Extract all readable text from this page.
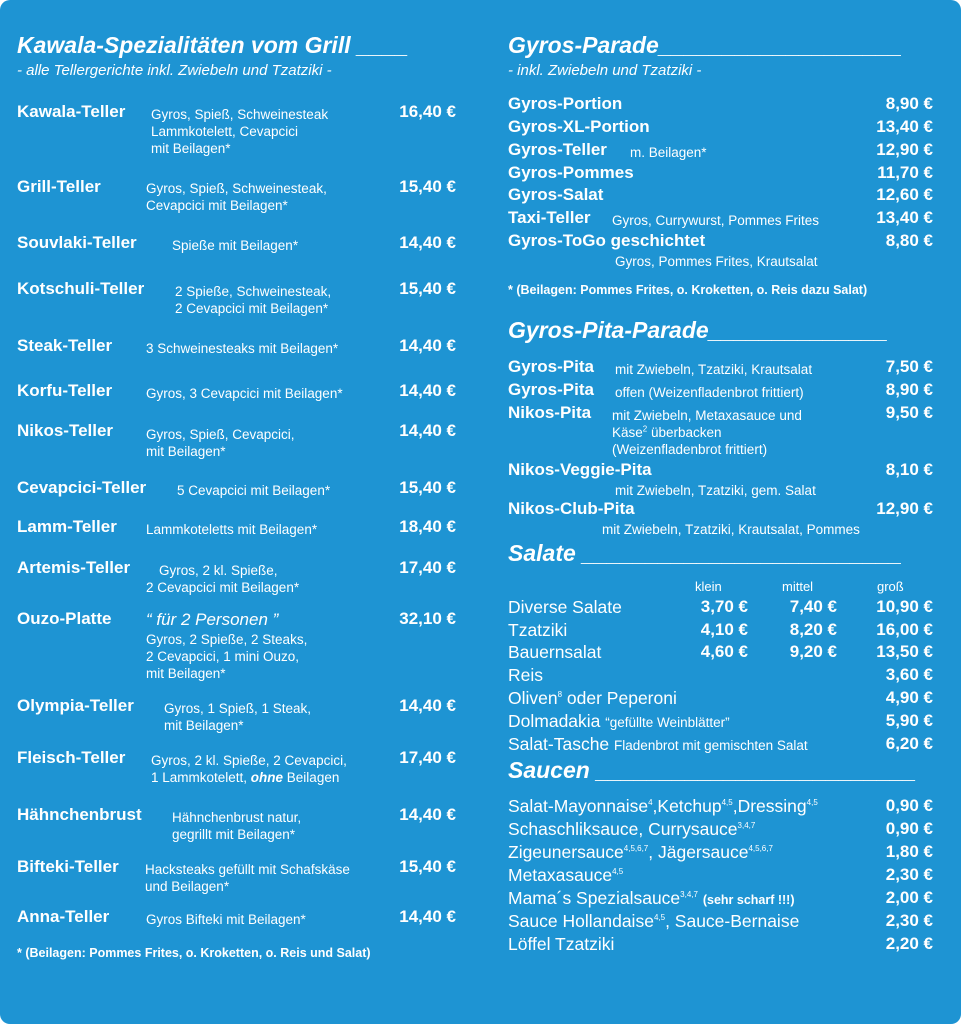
Kawala-Spezialitäten vom Grill ____
- alle Tellergerichte inkl. Zwiebeln und Tzatziki -
Kawala-Teller Gyros, Spieß, Schweinesteak
Lammkotelett, Cevapcici
mit Beilagen*
16,40 €
Grill-Teller	Gyros, Spieß, Schweinesteak,
Cevapcici mit Beilagen*
15,40 €
Souvlaki-Teller	Spieße mit Beilagen*	14,40 €
Kotschuli-Teller 2 Spieße, Schweinesteak,
2 Cevapcici mit Beilagen*
15,40 €
Steak-Teller	3 Schweinesteaks mit Beilagen*	14,40 €
Korfu-Teller	Gyros, 3 Cevapcici mit Beilagen*	14,40 €
Nikos-Teller Gyros, Spieß, Cevapcici,
mit Beilagen*
14,40 €
Cevapcici-Teller 5 Cevapcici mit Beilagen*	15,40 €
Lamm-Teller Lammkoteletts mit Beilagen*	18,40 €
Artemis-Teller Gyros, 2 kl. Spieße,
2 Cevapcici mit Beilagen*
17,40 €
Ouzo-Platte “ für 2 Personen ”
Gyros, 2 Spieße, 2 Steaks,
2 Cevapcici, 1 mini Ouzo,
mit Beilagen*
32,10 €
Olympia-Teller Gyros, 1 Spieß, 1 Steak,
mit Beilagen*
14,40 €
Fleisch-Teller Gyros, 2 kl. Spieße, 2 Cevapcici,
1 Lammkotelett, ohne Beilagen
17,40 €
Hähnchenbrust Hähnchenbrust natur,
gegrillt mit Beilagen*
14,40 €
Bifteki-Teller Hacksteaks gefüllt mit Schafskäse
und Beilagen*
15,40 €
Anna-Teller	Gyros Bifteki mit Beilagen*	14,40 €
* (Beilagen: Pommes Frites, o. Kroketten, o. Reis und Salat)
Gyros-Parade___________________
- inkl. Zwiebeln und Tzatziki -
Gyros-Portion	8,90 €
Gyros-XL-Portion	13,40 €
Gyros-Teller m. Beilagen*	12,90 €
Gyros-Pommes	11,70 €
Gyros-Salat	12,60 €
Taxi-Teller Gyros, Currywurst, Pommes Frites	13,40 €
Gyros-ToGo geschichtet
Gyros, Pommes Frites, Krautsalat
8,80 €
* (Beilagen: Pommes Frites, o. Kroketten, o. Reis dazu Salat)
Gyros-Pita-Parade______________
Gyros-Pita mit Zwiebeln, Tzatziki, Krautsalat	7,50 €
Gyros-Pita offen (Weizenfladenbrot frittiert)	8,90 €
Nikos-Pita mit Zwiebeln, Metaxasauce und
Käse$^2$ überbacken
(Weizenfladenbrot frittiert)
9,50 €
Nikos-Veggie-Pita
mit Zwiebeln, Tzatziki, gem. Salat
8,10 €
Nikos-Club-Pita
mit Zwiebeln, Tzatziki, Krautsalat, Pommes
12,90 €
Salate _________________________
klein	mittel	groß
Diverse Salate	3,70 € 7,40 € 10,90 €
Tzatziki	4,10 € 8,20 € 16,00 €
Bauernsalat	4,60 € 9,20 € 13,50 €
Reis	3,60 €
Oliven$^8$ oder Peperoni	4,90 €
Dolmadakia “gefüllte Weinblätter”	5,90 €
Salat-Tasche Fladenbrot mit gemischten Salat	6,20 €
Saucen _________________________
Salat-Mayonnaise$^4$,Ketchup$^{4,5}$,Dressing$^{4,5}$	0,90 €
Schaschliksauce, Currysauce$^{3,4,7}$	0,90 €
Zigeunersauce$^{4,5,6,7}$, Jägersauce$^{4,5,6,7}$	1,80 €
Metaxasauce$^{4,5}$	2,30 €
Mama´s Spezialsauce$^{3,4,7}$ (sehr scharf !!!)	2,00 €
Sauce Hollandaise$^{4,5}$, Sauce-Bernaise	2,30 €
Löffel Tzatziki	2,20 €
